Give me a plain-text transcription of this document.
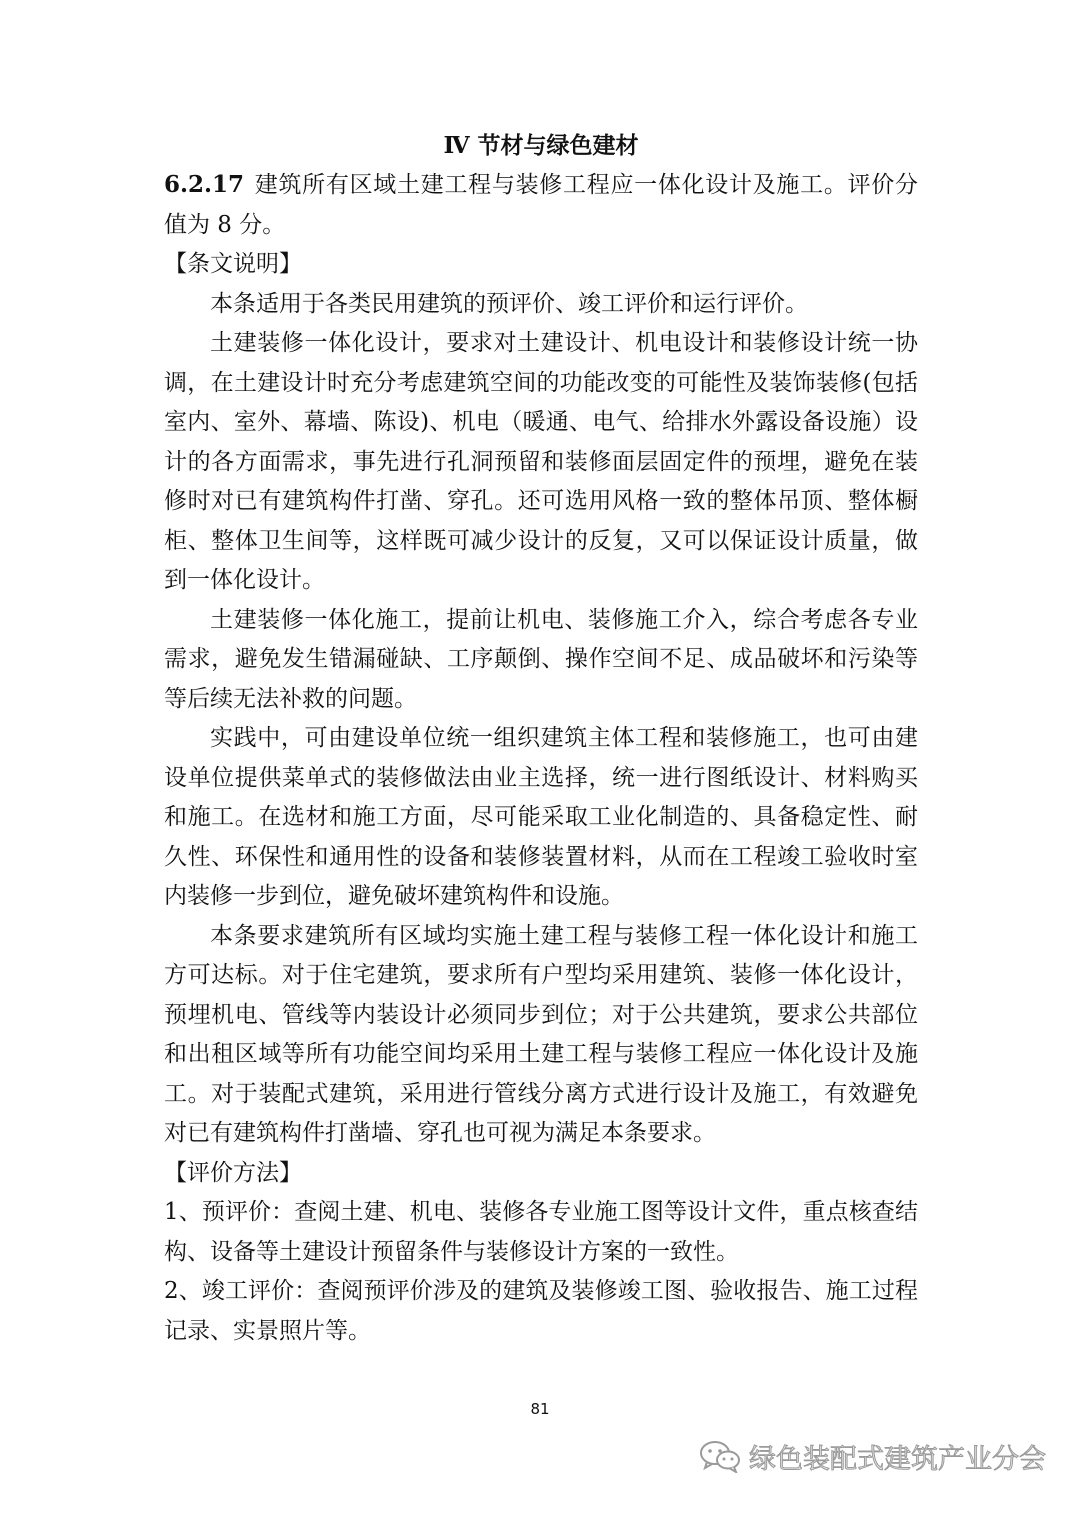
Ⅳ 节材与绿色建材

6.2.17 建筑所有区域土建工程与装修工程应一体化设计及施工。评价分值为 8 分。

【条文说明】

本条适用于各类民用建筑的预评价、竣工评价和运行评价。

土建装修一体化设计，要求对土建设计、机电设计和装修设计统一协调，在土建设计时充分考虑建筑空间的功能改变的可能性及装饰装修(包括室内、室外、幕墙、陈设)、机电（暖通、电气、给排水外露设备设施）设计的各方面需求，事先进行孔洞预留和装修面层固定件的预埋，避免在装修时对已有建筑构件打凿、穿孔。还可选用风格一致的整体吊顶、整体橱柜、整体卫生间等，这样既可减少设计的反复，又可以保证设计质量，做到一体化设计。

土建装修一体化施工，提前让机电、装修施工介入，综合考虑各专业需求，避免发生错漏碰缺、工序颠倒、操作空间不足、成品破坏和污染等等后续无法补救的问题。

实践中，可由建设单位统一组织建筑主体工程和装修施工，也可由建设单位提供菜单式的装修做法由业主选择，统一进行图纸设计、材料购买和施工。在选材和施工方面，尽可能采取工业化制造的、具备稳定性、耐久性、环保性和通用性的设备和装修装置材料，从而在工程竣工验收时室内装修一步到位，避免破坏建筑构件和设施。

本条要求建筑所有区域均实施土建工程与装修工程一体化设计和施工方可达标。对于住宅建筑，要求所有户型均采用建筑、装修一体化设计，预埋机电、管线等内装设计必须同步到位；对于公共建筑，要求公共部位和出租区域等所有功能空间均采用土建工程与装修工程应一体化设计及施工。对于装配式建筑，采用进行管线分离方式进行设计及施工，有效避免对已有建筑构件打凿墙、穿孔也可视为满足本条要求。

【评价方法】

1、预评价：查阅土建、机电、装修各专业施工图等设计文件，重点核查结构、设备等土建设计预留条件与装修设计方案的一致性。

2、竣工评价：查阅预评价涉及的建筑及装修竣工图、验收报告、施工过程记录、实景照片等。

81
绿色装配式建筑产业分会
